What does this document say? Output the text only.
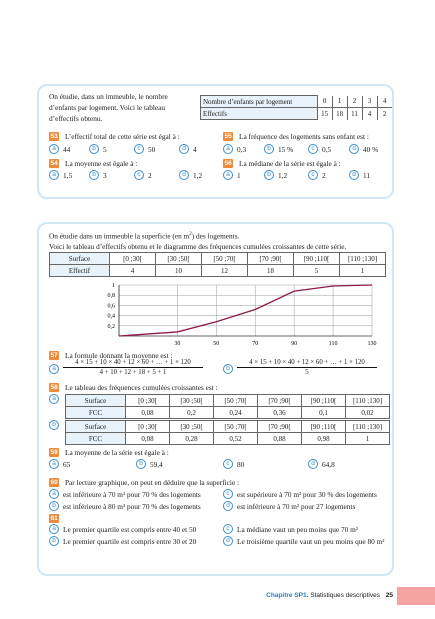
On étudie, dans un immeuble, le nombre
d’enfants par logement. Voici le tableau
d’effectifs obtenu.
Nombre d’enfants par logement	0	1	2	3	4
Effectifs	15	18	11	4	2
53 L’effectif total de cette série est égal à :
a 44	b 5	c	50	d 4
54 La moyenne est égale à :
a 1,5	b 3	c	2	d 1,2
55 La fréquence des logements sans enfant est :
a 0,3	b 15 %	c	0,5	d 40 %
56 La médiane de la série est égale à :
a 1	b 1,2	c	2	d 11
On étudie dans un immeuble la superficie (en $m^2$) des logements.
Voici le tableau d’effectifs obtenu et le diagramme des fréquences cumulées croissantes de cette série.
Surface	[0 ;30[	[30 ;50[	[50 ;70[	[70 ;90[	[90 ;110[	[110 ;130]
Effectif	4	10	12	18	5	1
1
0,8
0,6
0,4
0,2
30	50	70	90	110	130
57 La formule donnant la moyenne est :
a
4 × 15 + 10 × 40 + 12 × 60 + … + 1 × 120
4 + 10 + 12 + 18 + 5 + 1
b
4 × 15 + 10 × 40 + 12 × 60 + … + 1 × 120
5
58 Le tableau des fréquences cumulées croissantes est :
a	Surface	[0 ;30[	[30 ;50[	[50 ;70[	[70 ;90[	[90 ;110[	[110 ;130]
FCC	0,08	0,2	0,24	0,36	0,1	0,02
b	Surface	[0 ;30[	[30 ;50[	[50 ;70[	[70 ;90[	[90 ;110[	[110 ;130]
FCC	0,08	0,28	0,52	0,88	0,98	1
59 La moyenne de la série est égale à :
a 65	b 59,4	c	80	d 64,8
60 Par lecture graphique, on peut en déduire que la superficie :
a est inférieure à 70 m² pour 70 % des logements	c	est supérieure à 70 m² pour 30 % des logements
b est inférieure à 80 m² pour 70 % des logements	d est inférieure à 70 m² pour 27 logements
61
a Le premier quartile est compris entre 40 et 50	c	La médiane vaut un peu moins que 70 m²
b Le premier quartile est compris entre 30 et 20	d Le troisième quartile vaut un peu moins que 80 m²
Chapitre SP1. Statistiques descriptives 25
